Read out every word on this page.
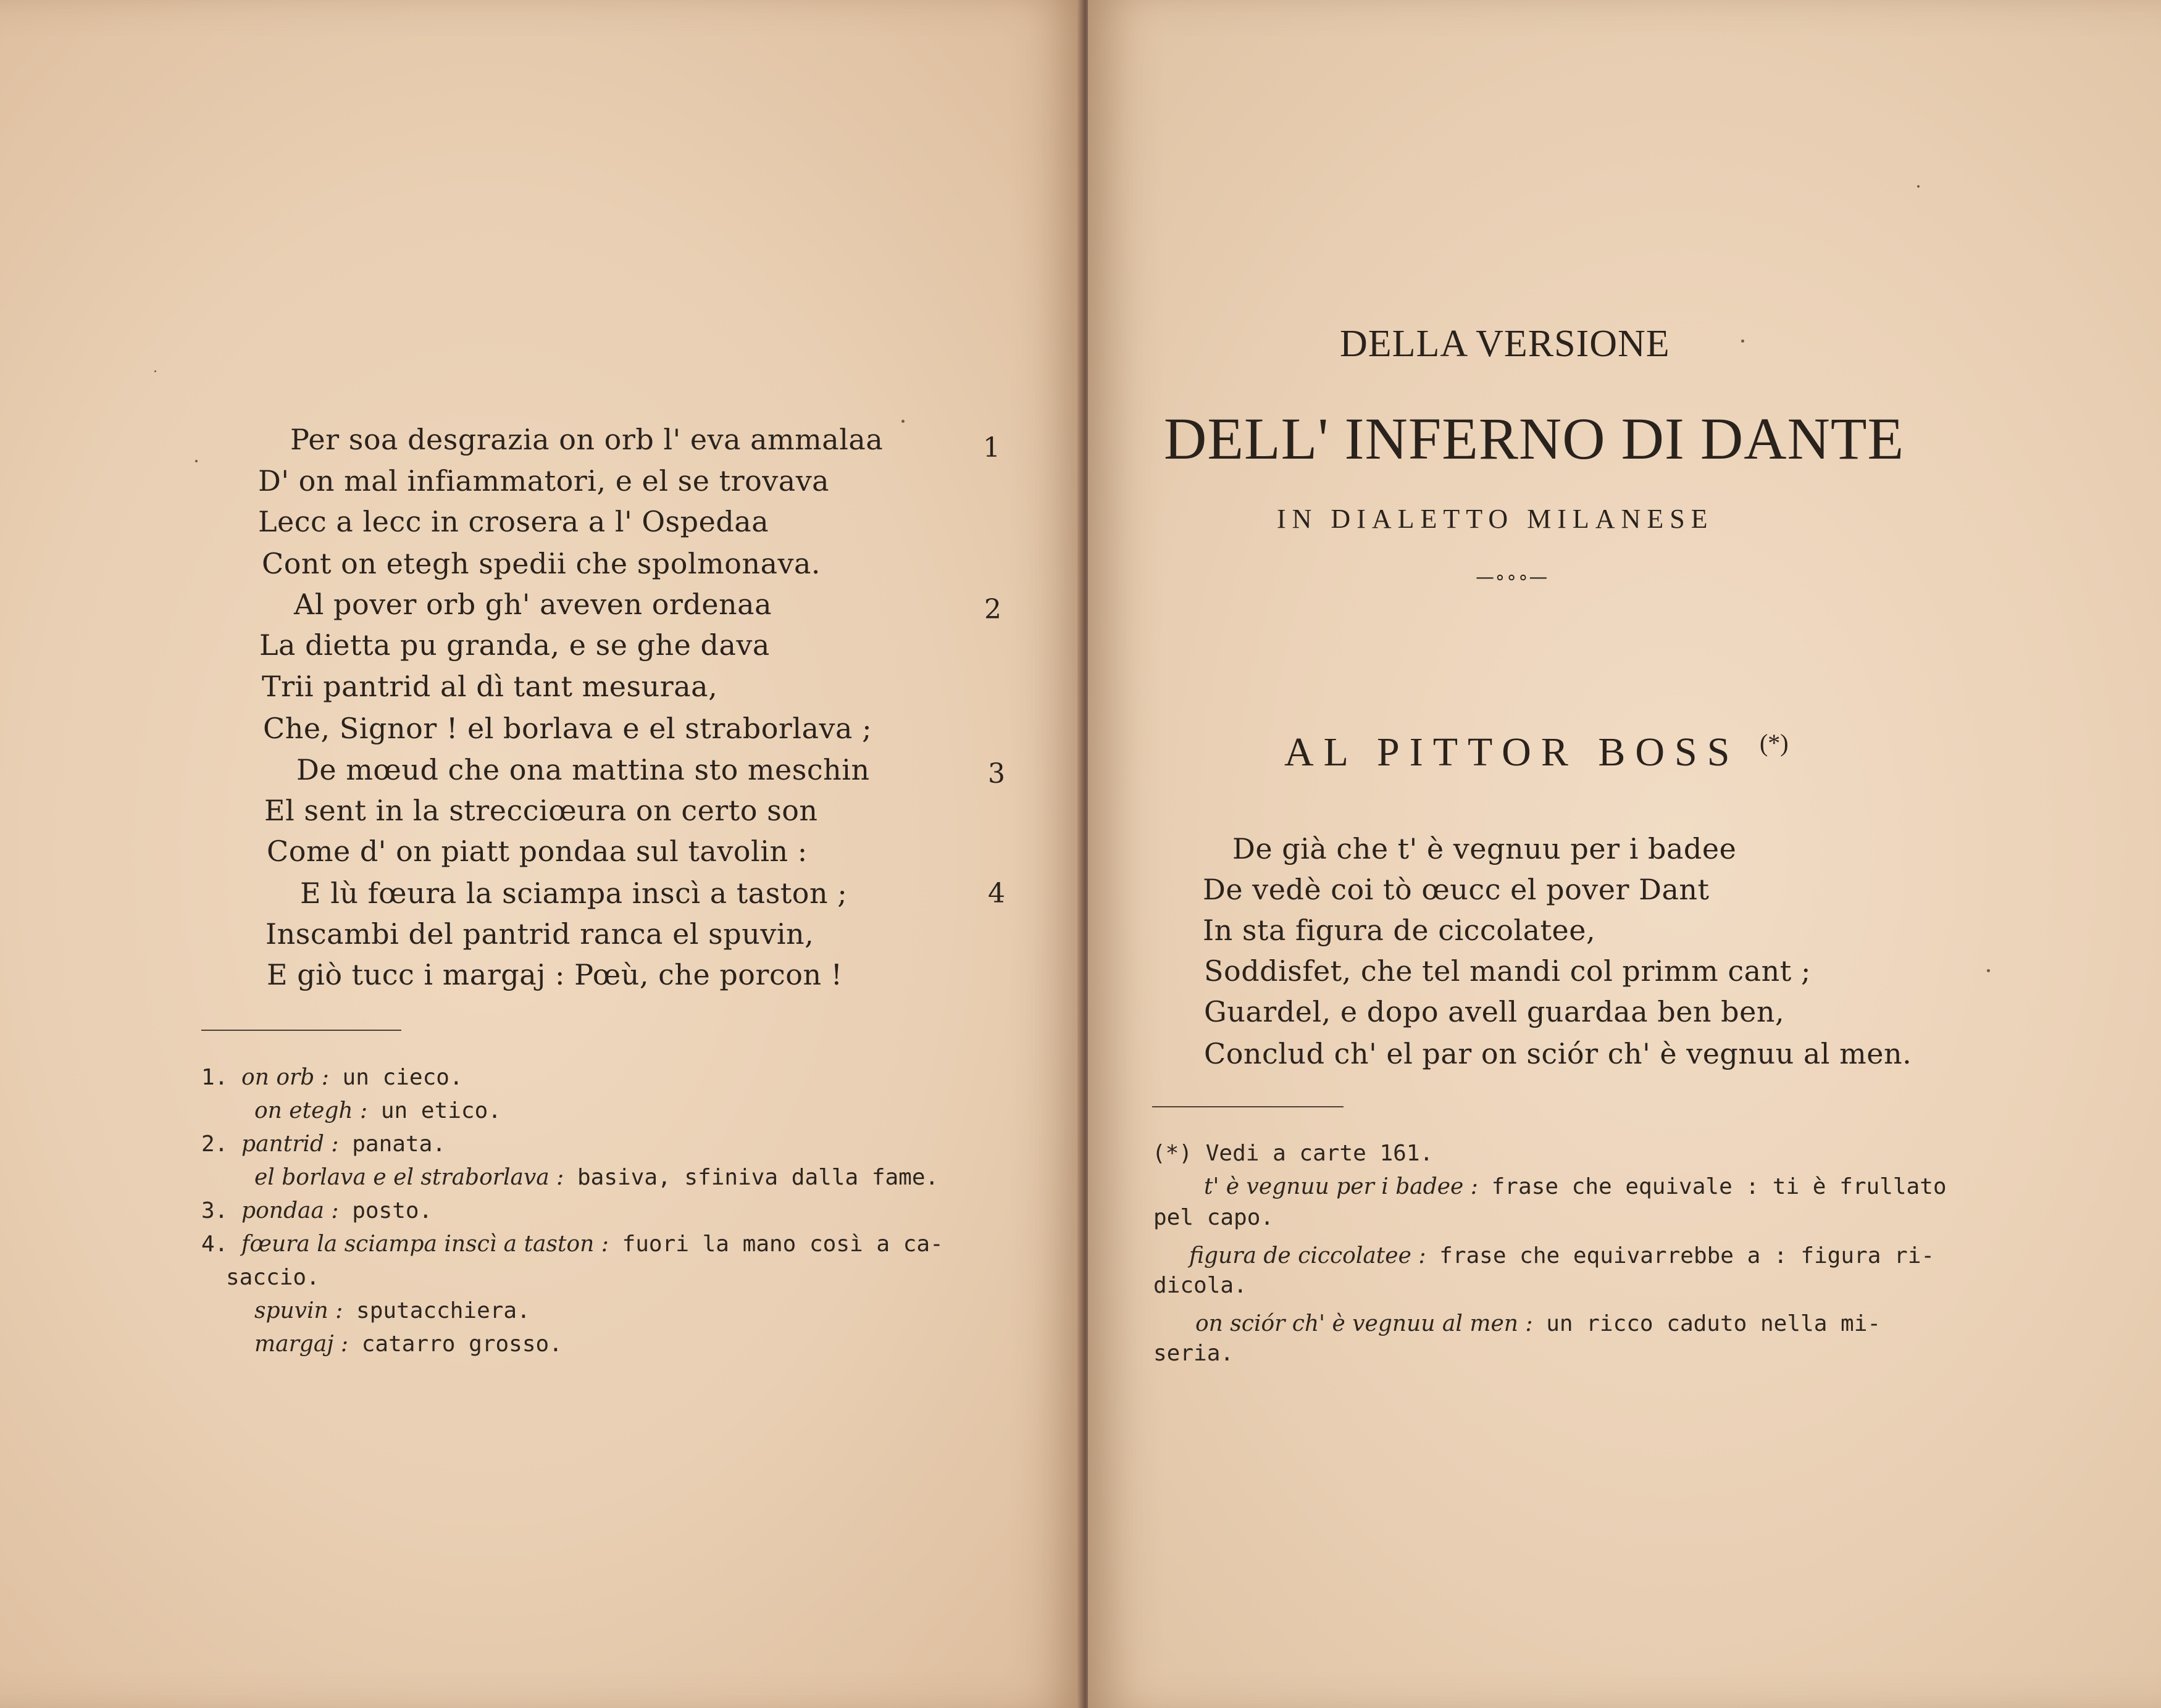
Per soa desgrazia on orb l' eva ammalaa	1
D' on mal infiammatori, e el se trovava
Lecc a lecc in crosera a l' Ospedaa
Cont on etegh spedii che spolmonava.
Al pover orb gh' aveven ordenaa	2
La dietta pu granda, e se ghe dava
Trii pantrid al dì tant mesuraa,
Che, Signor ! el borlava e el straborlava ;
De mœud che ona mattina sto meschin	3
El sent in la strecciœura on certo son
Come d' on piatt pondaa sul tavolin :
E lù fœura la sciampa inscì a taston ;	4
Inscambi del pantrid ranca el spuvin,
E giò tucc i margaj : Pœù, che porcon !
1. on orb : un cieco.
on etegh : un etico.
2. pantrid : panata.
el borlava e el straborlava : basiva, sfiniva dalla fame.
3. pondaa : posto.
4. fœura la sciampa inscì a taston : fuori la mano così a ca-
saccio.
spuvin : sputacchiera.
margaj : catarro grosso.
DELLA VERSIONE
DELL' INFERNO DI DANTE
IN DIALETTO MILANESE
—∘∘∘—
AL PITTOR BOSS (*)
De già che t' è vegnuu per i badee
De vedè coi tò œucc el pover Dant
In sta figura de ciccolatee,
Soddisfet, che tel mandi col primm cant ;
Guardel, e dopo avell guardaa ben ben,
Conclud ch' el par on sciór ch' è vegnuu al men.
(*) Vedi a carte 161.
t' è vegnuu per i badee : frase che equivale : ti è frullato
pel capo.
figura de ciccolatee : frase che equivarrebbe a : figura ri-
dicola.
on sciór ch' è vegnuu al men : un ricco caduto nella mi-
seria.
